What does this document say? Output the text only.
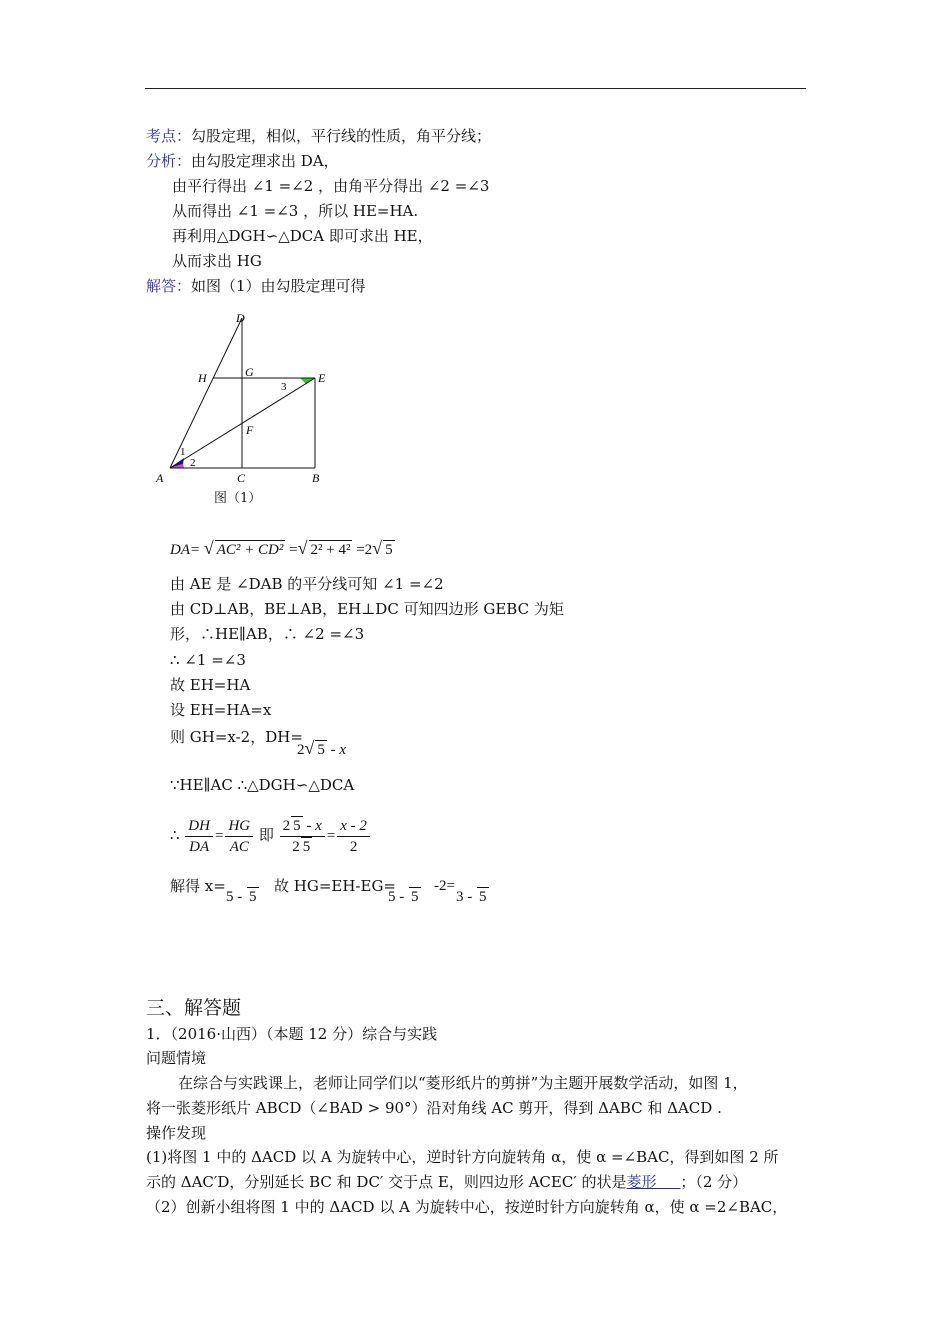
考点：勾股定理，相似，平行线的性质，角平分线；
分析：由勾股定理求出 DA，
由平行得出 ∠1 =∠2 ，由角平分得出 ∠2 =∠3
从而得出 ∠1 =∠3 ，所以 HE=HA.
再利用△DGH∽△DCA 即可求出 HE，
从而求出 HG
解答：如图（1）由勾股定理可得
D
H	G	E
F
A	C	B
1
2
3
图（1）
DA= √ AC² + CD² =√ 2² + 4² =2√ 5
由 AE 是 ∠DAB 的平分线可知 ∠1 =∠2
由 CD⊥AB，BE⊥AB，EH⊥DC 可知四边形 GEBC 为矩
形，∴HE∥AB，∴ ∠2 =∠3
∴ ∠1 =∠3
故 EH=HA
设 EH=HA=x
则 GH=x-2，DH=
2√ 5 - x
∵HE∥AC ∴△DGH∽△DCA
∴ $\frac{DH}{DA} = \frac{HG}{AC}$ 即 $\frac{2 5 - x}{2 5} = \frac{x - 2}{2}$
解得 x=
5 - 5
故 HG=EH-EG=
5 - 5
-2=
3 - 5
三、解答题
1．（2016·山西）（本题 12 分）综合与实践
问题情境
在综合与实践课上，老师让同学们以“菱形纸片的剪拼”为主题开展数学活动，如图 1，
将一张菱形纸片 ABCD（∠BAD > 90°）沿对角线 AC 剪开，得到 ΔABC 和 ΔACD .
操作发现
(1)将图 1 中的 ΔACD 以 A 为旋转中心，逆时针方向旋转角 α，使 α =∠BAC，得到如图 2 所
示的 ΔAC′D，分别延长 BC 和 DC′ 交于点 E，则四边形 ACEC′ 的状是菱形 ；（2 分）
（2）创新小组将图 1 中的 ΔACD 以 A 为旋转中心，按逆时针方向旋转角 α，使 α =2∠BAC，
